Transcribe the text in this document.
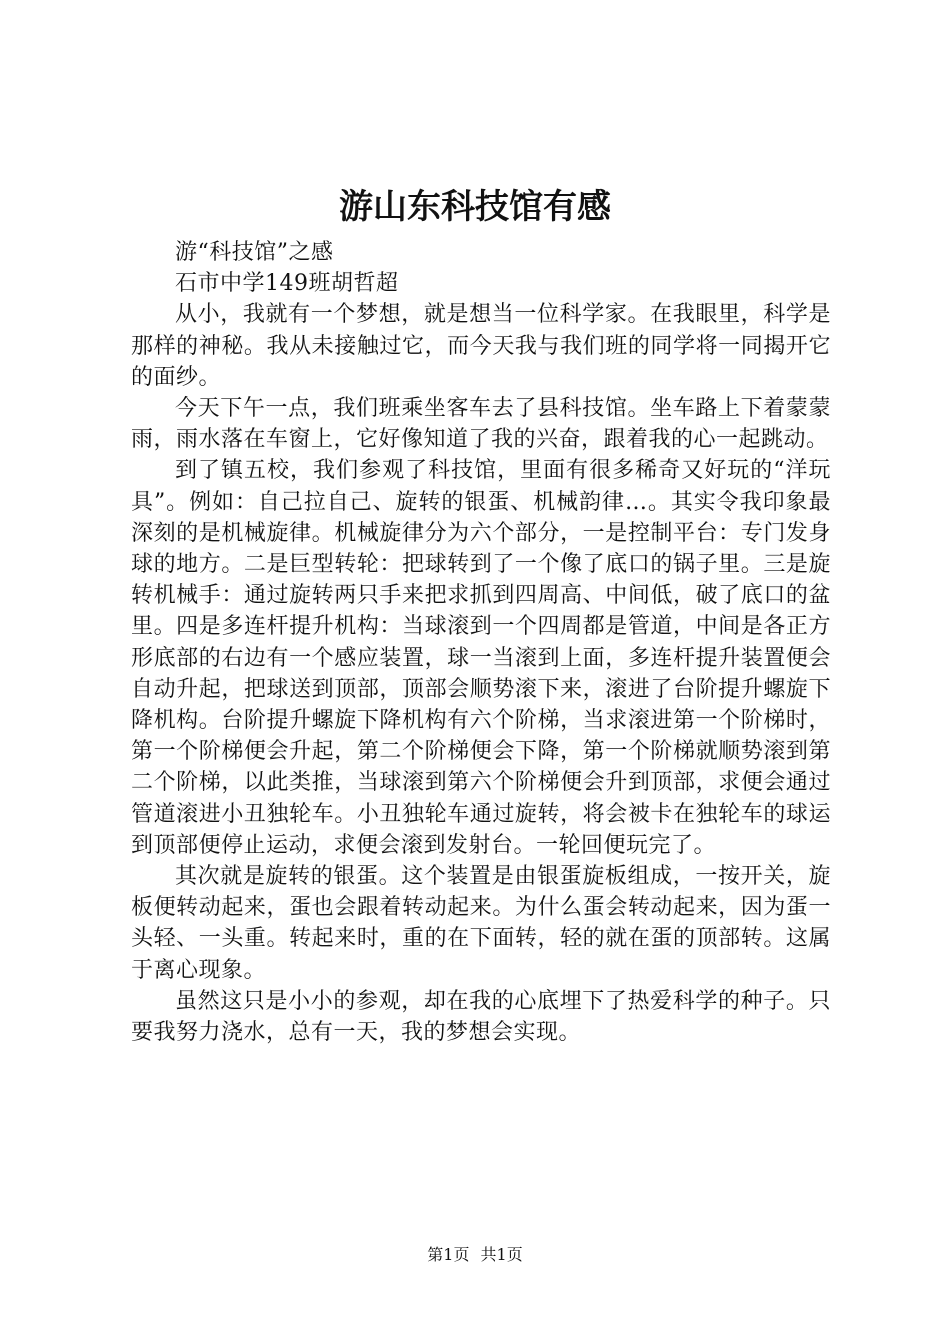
游山东科技馆有感

游“科技馆”之感

石市中学149班胡哲超

从小，我就有一个梦想，就是想当一位科学家。在我眼里，科学是那样的神秘。我从未接触过它，而今天我与我们班的同学将一同揭开它的面纱。

今天下午一点，我们班乘坐客车去了县科技馆。坐车路上下着蒙蒙雨，雨水落在车窗上，它好像知道了我的兴奋，跟着我的心一起跳动。

到了镇五校，我们参观了科技馆，里面有很多稀奇又好玩的“洋玩具”。例如：自己拉自己、旋转的银蛋、机械韵律…。其实令我印象最深刻的是机械旋律。机械旋律分为六个部分，一是控制平台：专门发身球的地方。二是巨型转轮：把球转到了一个像了底口的锅子里。三是旋转机械手：通过旋转两只手来把求抓到四周高、中间低，破了底口的盆里。四是多连杆提升机构：当球滚到一个四周都是管道，中间是各正方形底部的右边有一个感应装置，球一当滚到上面，多连杆提升装置便会自动升起，把球送到顶部，顶部会顺势滚下来，滚进了台阶提升螺旋下降机构。台阶提升螺旋下降机构有六个阶梯，当求滚进第一个阶梯时，第一个阶梯便会升起，第二个阶梯便会下降，第一个阶梯就顺势滚到第二个阶梯，以此类推，当球滚到第六个阶梯便会升到顶部，求便会通过管道滚进小丑独轮车。小丑独轮车通过旋转，将会被卡在独轮车的球运到顶部便停止运动，求便会滚到发射台。一轮回便玩完了。

其次就是旋转的银蛋。这个装置是由银蛋旋板组成，一按开关，旋板便转动起来，蛋也会跟着转动起来。为什么蛋会转动起来，因为蛋一头轻、一头重。转起来时，重的在下面转，轻的就在蛋的顶部转。这属于离心现象。

虽然这只是小小的参观，却在我的心底埋下了热爱科学的种子。只要我努力浇水，总有一天，我的梦想会实现。

第1页 共1页
